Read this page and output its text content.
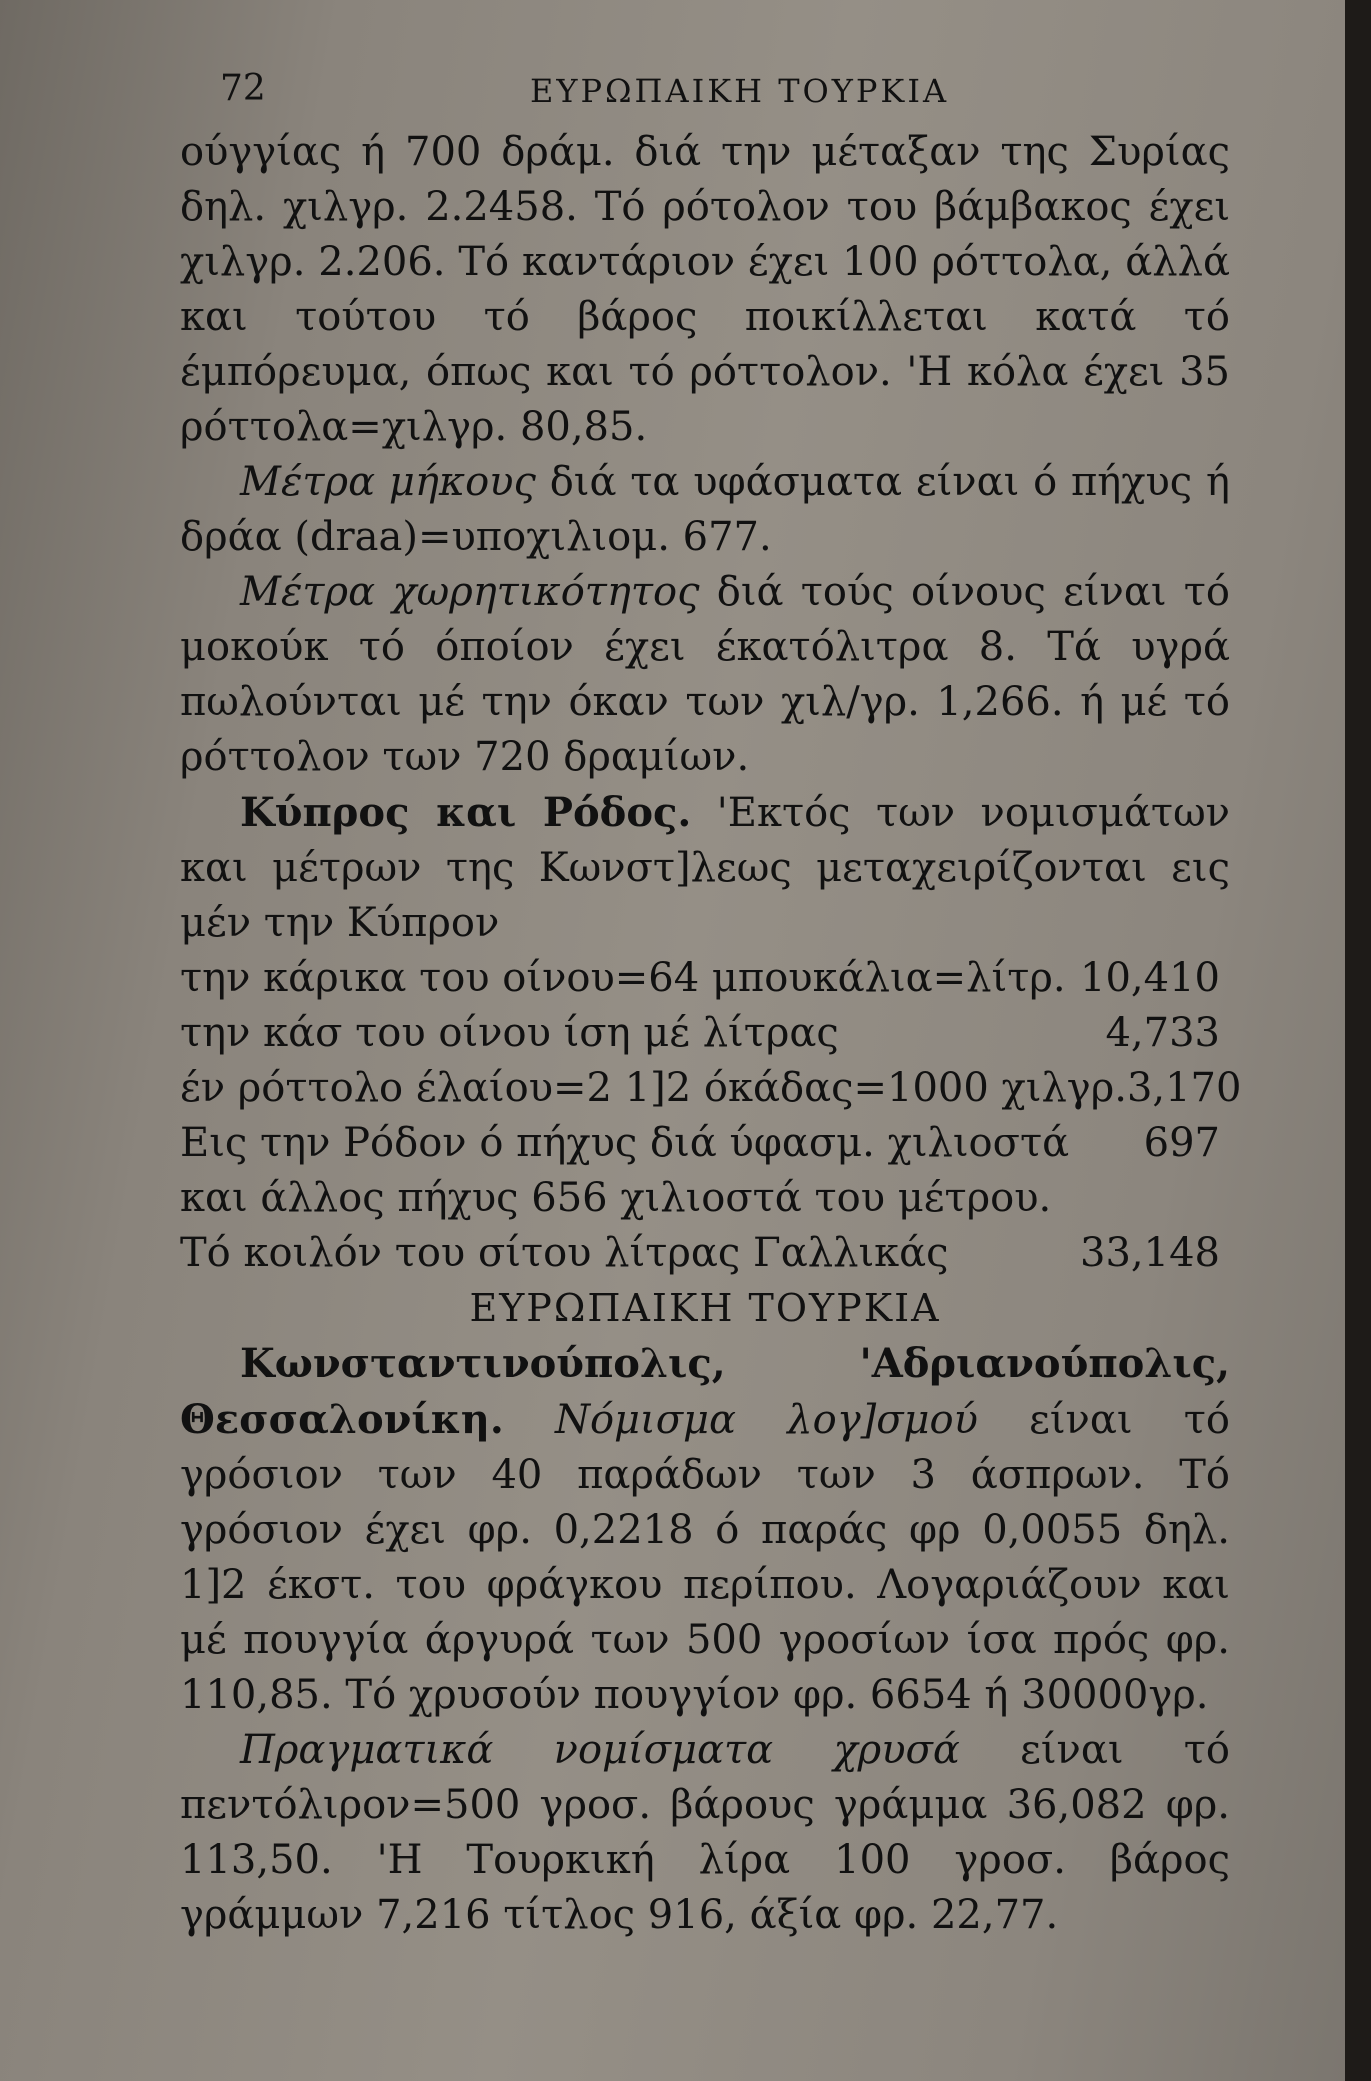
72	ΕΥΡΩΠΑΙΚΗ ΤΟΥΡΚΙΑ

ούγγίας ή 700 δράμ. διά την μέταξαν της Συρίας δηλ. χιλγρ. 2.2458. Τό ρότολον του βάμβακος έχει χιλγρ. 2.206. Τό καντάριον έχει 100 ρόττολα, άλλά και τούτου τό βάρος ποικίλλεται κατά τό έμπόρευμα, όπως και τό ρόττολον. 'Η κόλα έχει 35 ρόττολα=χιλγρ. 80,85.

Μέτρα μήκους διά τα υφάσματα είναι ό πήχυς ή δράα (draa)=υποχιλιομ. 677.

Μέτρα χωρητικότητος διά τούς οίνους είναι τό μοκούκ τό όποίον έχει έκατόλιτρα 8. Τά υγρά πωλούνται μέ την όκαν των χιλ/γρ. 1,266. ή μέ τό ρόττολον των 720 δραμίων.

Κύπρος και Ρόδος. 'Εκτός των νομισμάτων και μέτρων της Κωνστ]λεως μεταχειρίζονται εις μέν την Κύπρον

την κάρικα του οίνου=64 μπουκάλια=λίτρ. 10,410
την κάσ του οίνου ίση μέ λίτρας	4,733
έν ρόττολο έλαίου=2 1]2 όκάδας=1000 χιλγρ. 3,170
Εις την Ρόδον ό πήχυς διά ύφασμ. χιλιοστά 697
και άλλος πήχυς 656 χιλιοστά του μέτρου.
Τό κοιλόν του σίτου λίτρας Γαλλικάς	33,148

ΕΥΡΩΠΑΙΚΗ ΤΟΥΡΚΙΑ

Κωνσταντινούπολις, 'Αδριανούπολις, Θεσσαλονίκη. Νόμισμα λογ]σμού είναι τό γρόσιον των 40 παράδων των 3 άσπρων. Τό γρόσιον έχει φρ. 0,2218 ό παράς φρ 0,0055 δηλ. 1]2 έκστ. του φράγκου περίπου. Λογαριάζουν και μέ πουγγία άργυρά των 500 γροσίων ίσα πρός φρ. 110,85. Τό χρυσούν πουγγίον φρ. 6654 ή 30000γρ.

Πραγματικά νομίσματα χρυσά είναι τό πεντόλιρον=500 γροσ. βάρους γράμμα 36,082 φρ. 113,50. 'Η Τουρκική λίρα 100 γροσ. βάρος γράμμων 7,216 τίτλος 916, άξία φρ. 22,77.
